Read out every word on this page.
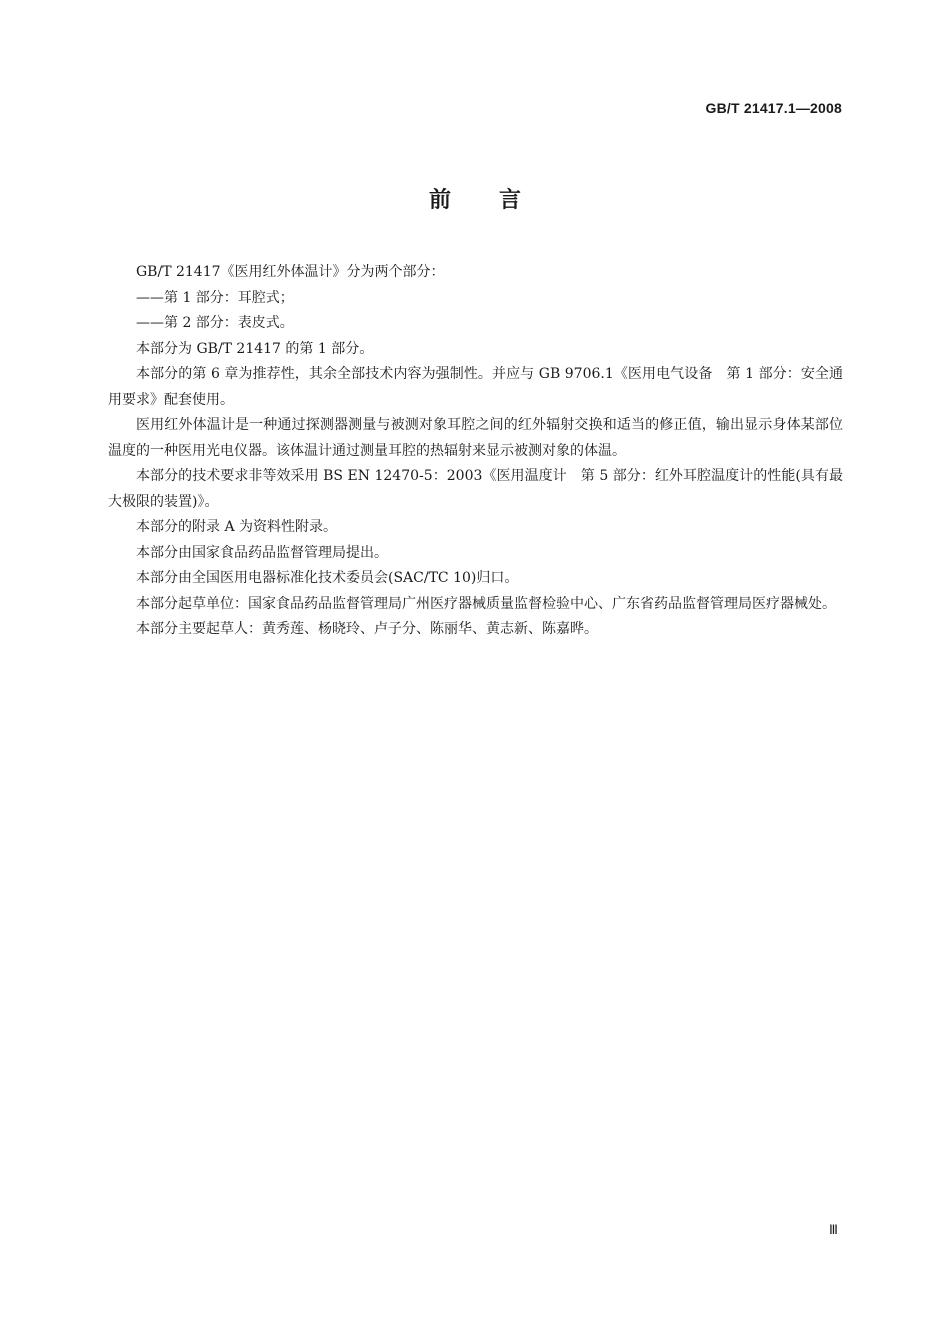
GB/T 21417.1—2008
前言

GB/T 21417《医用红外体温计》分为两个部分：

——第 1 部分：耳腔式；

——第 2 部分：表皮式。

本部分为 GB/T 21417 的第 1 部分。

本部分的第 6 章为推荐性，其余全部技术内容为强制性。并应与 GB 9706.1《医用电气设备　第 1 部分：安全通用要求》配套使用。

医用红外体温计是一种通过探测器测量与被测对象耳腔之间的红外辐射交换和适当的修正值，输出显示身体某部位温度的一种医用光电仪器。该体温计通过测量耳腔的热辐射来显示被测对象的体温。

本部分的技术要求非等效采用 BS EN 12470-5：2003《医用温度计　第 5 部分：红外耳腔温度计的性能(具有最大极限的装置)》。

本部分的附录 A 为资料性附录。

本部分由国家食品药品监督管理局提出。

本部分由全国医用电器标准化技术委员会(SAC/TC 10)归口。

本部分起草单位：国家食品药品监督管理局广州医疗器械质量监督检验中心、广东省药品监督管理局医疗器械处。

本部分主要起草人：黄秀莲、杨晓玲、卢子分、陈丽华、黄志新、陈嘉晔。

Ⅲ
